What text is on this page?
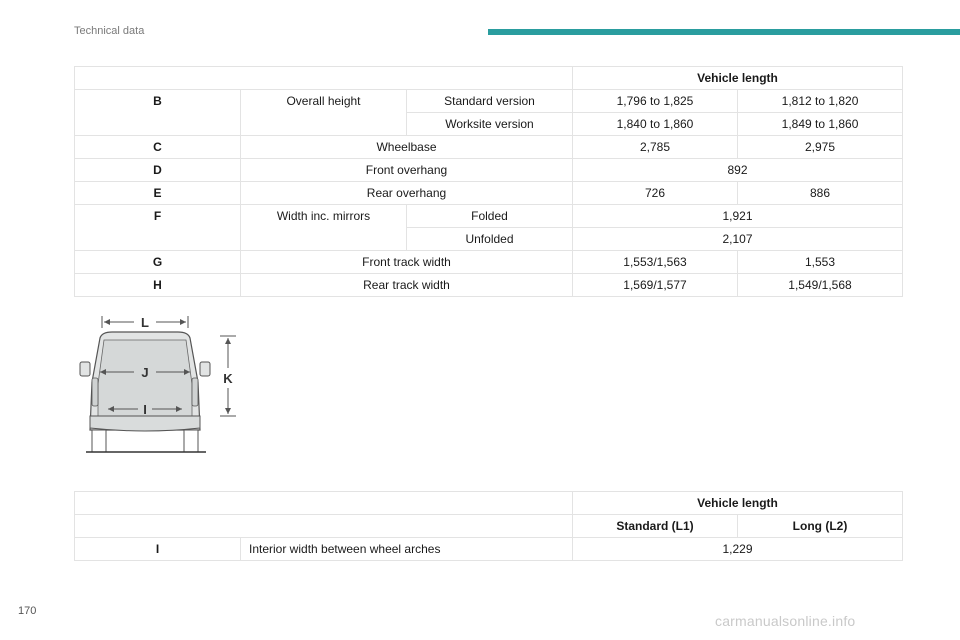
Technical data
			Vehicle length	
B	Overall height	Standard version	1,796 to 1,825	1,812 to 1,820
		Worksite version	1,840 to 1,860	1,849 to 1,860
C	Wheelbase		2,785	2,975
D	Front overhang		892	
E	Rear overhang		726	886
F	Width inc. mirrors	Folded	1,921	
		Unfolded	2,107	
G	Front track width		1,553/1,563	1,553
H	Rear track width		1,569/1,577	1,549/1,568
L
J
I
K
		Vehicle length	
		Standard (L1)	Long (L2)
I	Interior width between wheel arches	1,229	
170
carmanualsonline.info
